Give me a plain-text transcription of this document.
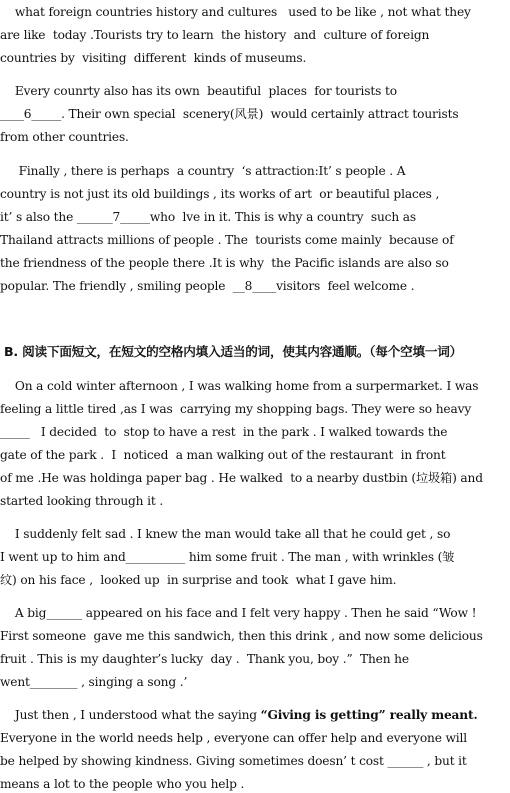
what foreign countries history and cultures   used to be like , not what they
are like  today .Tourists try to learn  the history  and  culture of foreign
countries by  visiting  different  kinds of museums.
Every counrty also has its own  beautiful  places  for tourists to
____6_____. Their own special  scenery(风景)  would certainly attract tourists
from other countries.
Finally , there is perhaps  a country  ‘s attraction:It’ s people . A
country is not just its old buildings , its works of art  or beautiful places ,
it’ s also the ______7_____who  lve in it. This is why a country  such as
Thailand attracts millions of people . The  tourists come mainly  because of
the friendness of the people there .It is why  the Pacific islands are also so
popular. The friendly , smiling people  __8____visitors  feel welcome .
B. 阅读下面短文，在短文的空格内填入适当的词，使其内容通顺。（每个空填一词）
On a cold winter afternoon , I was walking home from a surpermarket. I was
feeling a little tired ,as I was  carrying my shopping bags. They were so heavy
_____   I decided  to  stop to have a rest  in the park . I walked towards the
gate of the park .  I  noticed  a man walking out of the restaurant  in front
of me .He was holdinga paper bag . He walked  to a nearby dustbin (垃圾箱) and
started looking through it .
I suddenly felt sad . I knew the man would take all that he could get , so
I went up to him and__________ him some fruit . The man , with wrinkles (皱
纹) on his face ,  looked up  in surprise and took  what I gave him.
A big______ appeared on his face and I felt very happy . Then he said “Wow !
First someone  gave me this sandwich, then this drink , and now some delicious
fruit . This is my daughter’s lucky  day .  Thank you, boy .”  Then he
went________ , singing a song .’
Just then , I understood what the saying “Giving is getting” really meant.
Everyone in the world needs help , everyone can offer help and everyone will
be helped by showing kindness. Giving sometimes doesn’ t cost ______ , but it
means a lot to the people who you help .
